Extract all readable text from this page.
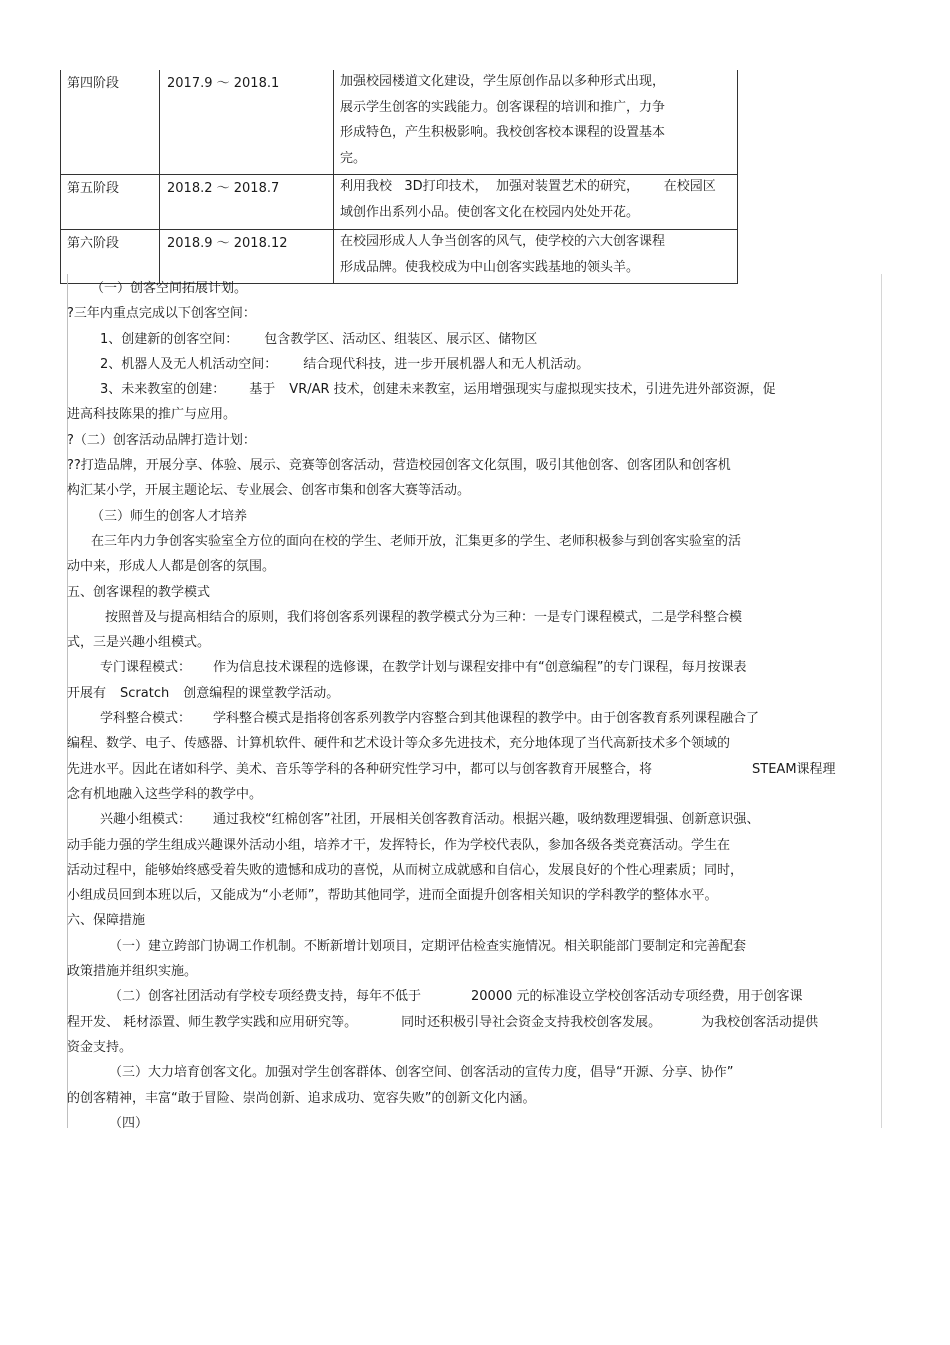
第四阶段	2017.9 ～ 2018.1	加强校园楼道文化建设，学生原创作品以多种形式出现，
展示学生创客的实践能力。创客课程的培训和推广，力争
形成特色，产生积极影响。我校创客校本课程的设置基本
完。

第五阶段	2018.2 ～ 2018.7	利用我校   3D打印技术，  加强对装置艺术的研究，      在校园区
域创作出系列小品。使创客文化在校园内处处开花。

第六阶段	2018.9 ～ 2018.12	在校园形成人人争当创客的风气，使学校的六大创客课程
形成品牌。使我校成为中山创客实践基地的领头羊。

（一）创客空间拓展计划。

?三年内重点完成以下创客空间：

1、创建新的创客空间： 包含教学区、活动区、组装区、展示区、储物区

2、机器人及无人机活动空间： 结合现代科技，进一步开展机器人和无人机活动。

3、未来教室的创建： 基于 VR/AR 技术，创建未来教室，运用增强现实与虚拟现实技术，引进先进外部资源，促

进高科技陈果的推广与应用。

?（二）创客活动品牌打造计划：

??打造品牌，开展分享、体验、展示、竞赛等创客活动，营造校园创客文化氛围，吸引其他创客、创客团队和创客机

构汇某小学，开展主题论坛、专业展会、创客市集和创客大赛等活动。

（三）师生的创客人才培养

在三年内力争创客实验室全方位的面向在校的学生、老师开放，汇集更多的学生、老师积极参与到创客实验室的活

动中来，形成人人都是创客的氛围。

五、创客课程的教学模式

按照普及与提高相结合的原则，我们将创客系列课程的教学模式分为三种：一是专门课程模式，二是学科整合模

式，三是兴趣小组模式。

专门课程模式： 作为信息技术课程的选修课，在教学计划与课程安排中有“创意编程”的专门课程，每月按课表

开展有 Scratch 创意编程的课堂教学活动。

学科整合模式： 学科整合模式是指将创客系列教学内容整合到其他课程的教学中。由于创客教育系列课程融合了

编程、数学、电子、传感器、计算机软件、硬件和艺术设计等众多先进技术，充分地体现了当代高新技术多个领域的

先进水平。因此在诸如科学、美术、音乐等学科的各种研究性学习中，都可以与创客教育开展整合，将	STEAM课程理

念有机地融入这些学科的教学中。

兴趣小组模式： 通过我校“红棉创客”社团，开展相关创客教育活动。根据兴趣，吸纳数理逻辑强、创新意识强、

动手能力强的学生组成兴趣课外活动小组，培养才干，发挥特长，作为学校代表队，参加各级各类竞赛活动。学生在

活动过程中，能够始终感受着失败的遗憾和成功的喜悦，从而树立成就感和自信心，发展良好的个性心理素质；同时，

小组成员回到本班以后，又能成为“小老师”，帮助其他同学，进而全面提升创客相关知识的学科教学的整体水平。

六、保障措施

（一）建立跨部门协调工作机制。不断新增计划项目，定期评估检查实施情况。相关职能部门要制定和完善配套

政策措施并组织实施。

（二）创客社团活动有学校专项经费支持，每年不低于	20000 元的标准设立学校创客活动专项经费，用于创客课

程开发、 耗材添置、师生教学实践和应用研究等。	同时还积极引导社会资金支持我校创客发展。	为我校创客活动提供

资金支持。

（三）大力培育创客文化。加强对学生创客群体、创客空间、创客活动的宣传力度，倡导“开源、分享、协作”

的创客精神，丰富“敢于冒险、崇尚创新、追求成功、宽容失败”的创新文化内涵。

（四）
